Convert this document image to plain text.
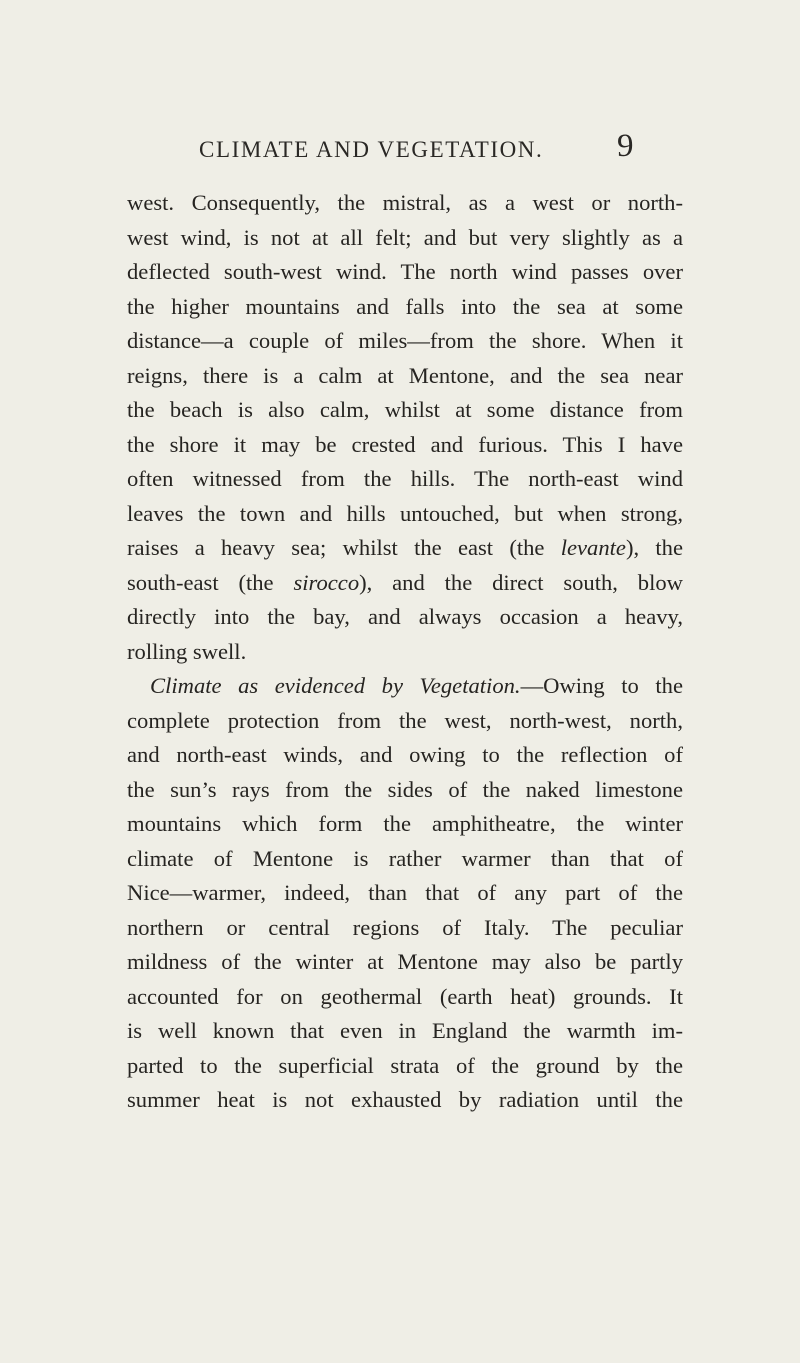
CLIMATE AND VEGETATION. 9
west. Consequently, the mistral, as a west or north-
west wind, is not at all felt; and but very slightly as a
deflected south-west wind. The north wind passes over
the higher mountains and falls into the sea at some
distance—a couple of miles—from the shore. When it
reigns, there is a calm at Mentone, and the sea near
the beach is also calm, whilst at some distance from
the shore it may be crested and furious. This I have
often witnessed from the hills. The north-east wind
leaves the town and hills untouched, but when strong,
raises a heavy sea; whilst the east (the levante), the
south-east (the sirocco), and the direct south, blow
directly into the bay, and always occasion a heavy,
rolling swell.
Climate as evidenced by Vegetation.—Owing to the
complete protection from the west, north-west, north,
and north-east winds, and owing to the reflection of
the sun’s rays from the sides of the naked limestone
mountains which form the amphitheatre, the winter
climate of Mentone is rather warmer than that of
Nice—warmer, indeed, than that of any part of the
northern or central regions of Italy. The peculiar
mildness of the winter at Mentone may also be partly
accounted for on geothermal (earth heat) grounds. It
is well known that even in England the warmth im-
parted to the superficial strata of the ground by the
summer heat is not exhausted by radiation until the
